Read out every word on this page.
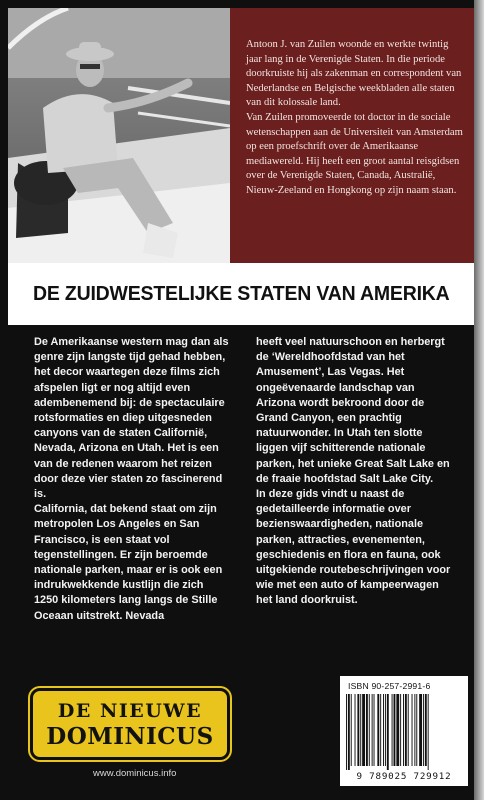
Antoon J. van Zuilen woonde en werkte twintig jaar lang in de Verenigde Staten. In die periode doorkruiste hij als zakenman en correspondent van Nederlandse en Belgische weekbladen alle staten van dit kolossale land.
Van Zuilen promoveerde tot doctor in de sociale wetenschappen aan de Universiteit van Amsterdam op een proefschrift over de Amerikaanse mediawereld. Hij heeft een groot aantal reisgidsen over de Verenigde Staten, Canada, Australië, Nieuw-Zeeland en Hongkong op zijn naam staan.

DE ZUIDWESTELIJKE STATEN VAN AMERIKA

De Amerikaanse western mag dan als genre zijn langste tijd gehad hebben, het decor waartegen deze films zich afspelen ligt er nog altijd even adembenemend bij: de spectaculaire rotsformaties en diep uitgesneden canyons van de staten Californië, Nevada, Arizona en Utah. Het is een van de redenen waarom het reizen door deze vier staten zo fascinerend is.
California, dat bekend staat om zijn metropolen Los Angeles en San Francisco, is een staat vol tegenstellingen. Er zijn beroemde nationale parken, maar er is ook een indrukwekkende kustlijn die zich 1250 kilometers lang langs de Stille Oceaan uitstrekt. Nevada

heeft veel natuurschoon en herbergt de ‘Wereldhoofdstad van het Amusement’, Las Vegas. Het ongeëvenaarde landschap van Arizona wordt bekroond door de Grand Canyon, een prachtig natuurwonder. In Utah ten slotte liggen vijf schitterende nationale parken, het unieke Great Salt Lake en de fraaie hoofdstad Salt Lake City.
In deze gids vindt u naast de gedetailleerde informatie over bezienswaardigheden, nationale parken, attracties, evenementen, geschiedenis en flora en fauna, ook uitgekiende routebeschrijvingen voor wie met een auto of kampeerwagen het land doorkruist.

DE NIEUWE
DOMINICUS
www.dominicus.info
ISBN 90-257-2991-6
9 789025 729912
